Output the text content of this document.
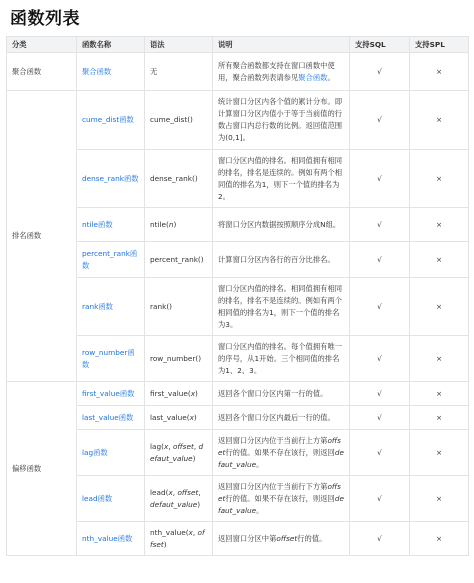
函数列表
分类	函数名称	语法	说明	支持SQL	支持SPL
聚合函数	聚合函数	无	所有聚合函数都支持在窗口函数中使用，聚合函数列表请参见聚合函数。	√	×
排名函数	cume_dist函数	cume_dist()	统计窗口分区内各个值的累计分布。即计算窗口分区内值小于等于当前值的行数占窗口内总行数的比例。返回值范围为(0,1]。	√	×
	dense_rank函数	dense_rank()	窗口分区内值的排名。相同值拥有相同的排名，排名是连续的。例如有两个相同值的排名为1，则下一个值的排名为2。	√	×
	ntile函数	ntile(n)	将窗口分区内数据按照顺序分成N组。	√	×
	percent_rank函数	percent_rank()	计算窗口分区内各行的百分比排名。	√	×
	rank函数	rank()	窗口分区内值的排名。相同值拥有相同的排名，排名不是连续的。例如有两个相同值的排名为1，则下一个值的排名为3。	√	×
	row_number函数	row_number()	窗口分区内值的排名。每个值拥有唯一的序号，从1开始。三个相同值的排名为1、2、3。	√	×
偏移函数	first_value函数	first_value(x)	返回各个窗口分区内第一行的值。	√	×
	last_value函数	last_value(x)	返回各个窗口分区内最后一行的值。	√	×
	lag函数	lag(x, offset, defaut_value)	返回窗口分区内位于当前行上方第offset行的值。如果不存在该行，则返回defaut_value。	√	×
	lead函数	lead(x, offset, defaut_value)	返回窗口分区内位于当前行下方第offset行的值。如果不存在该行，则返回defaut_value。	√	×
	nth_value函数	nth_value(x, offset)	返回窗口分区中第offset行的值。	√	×
